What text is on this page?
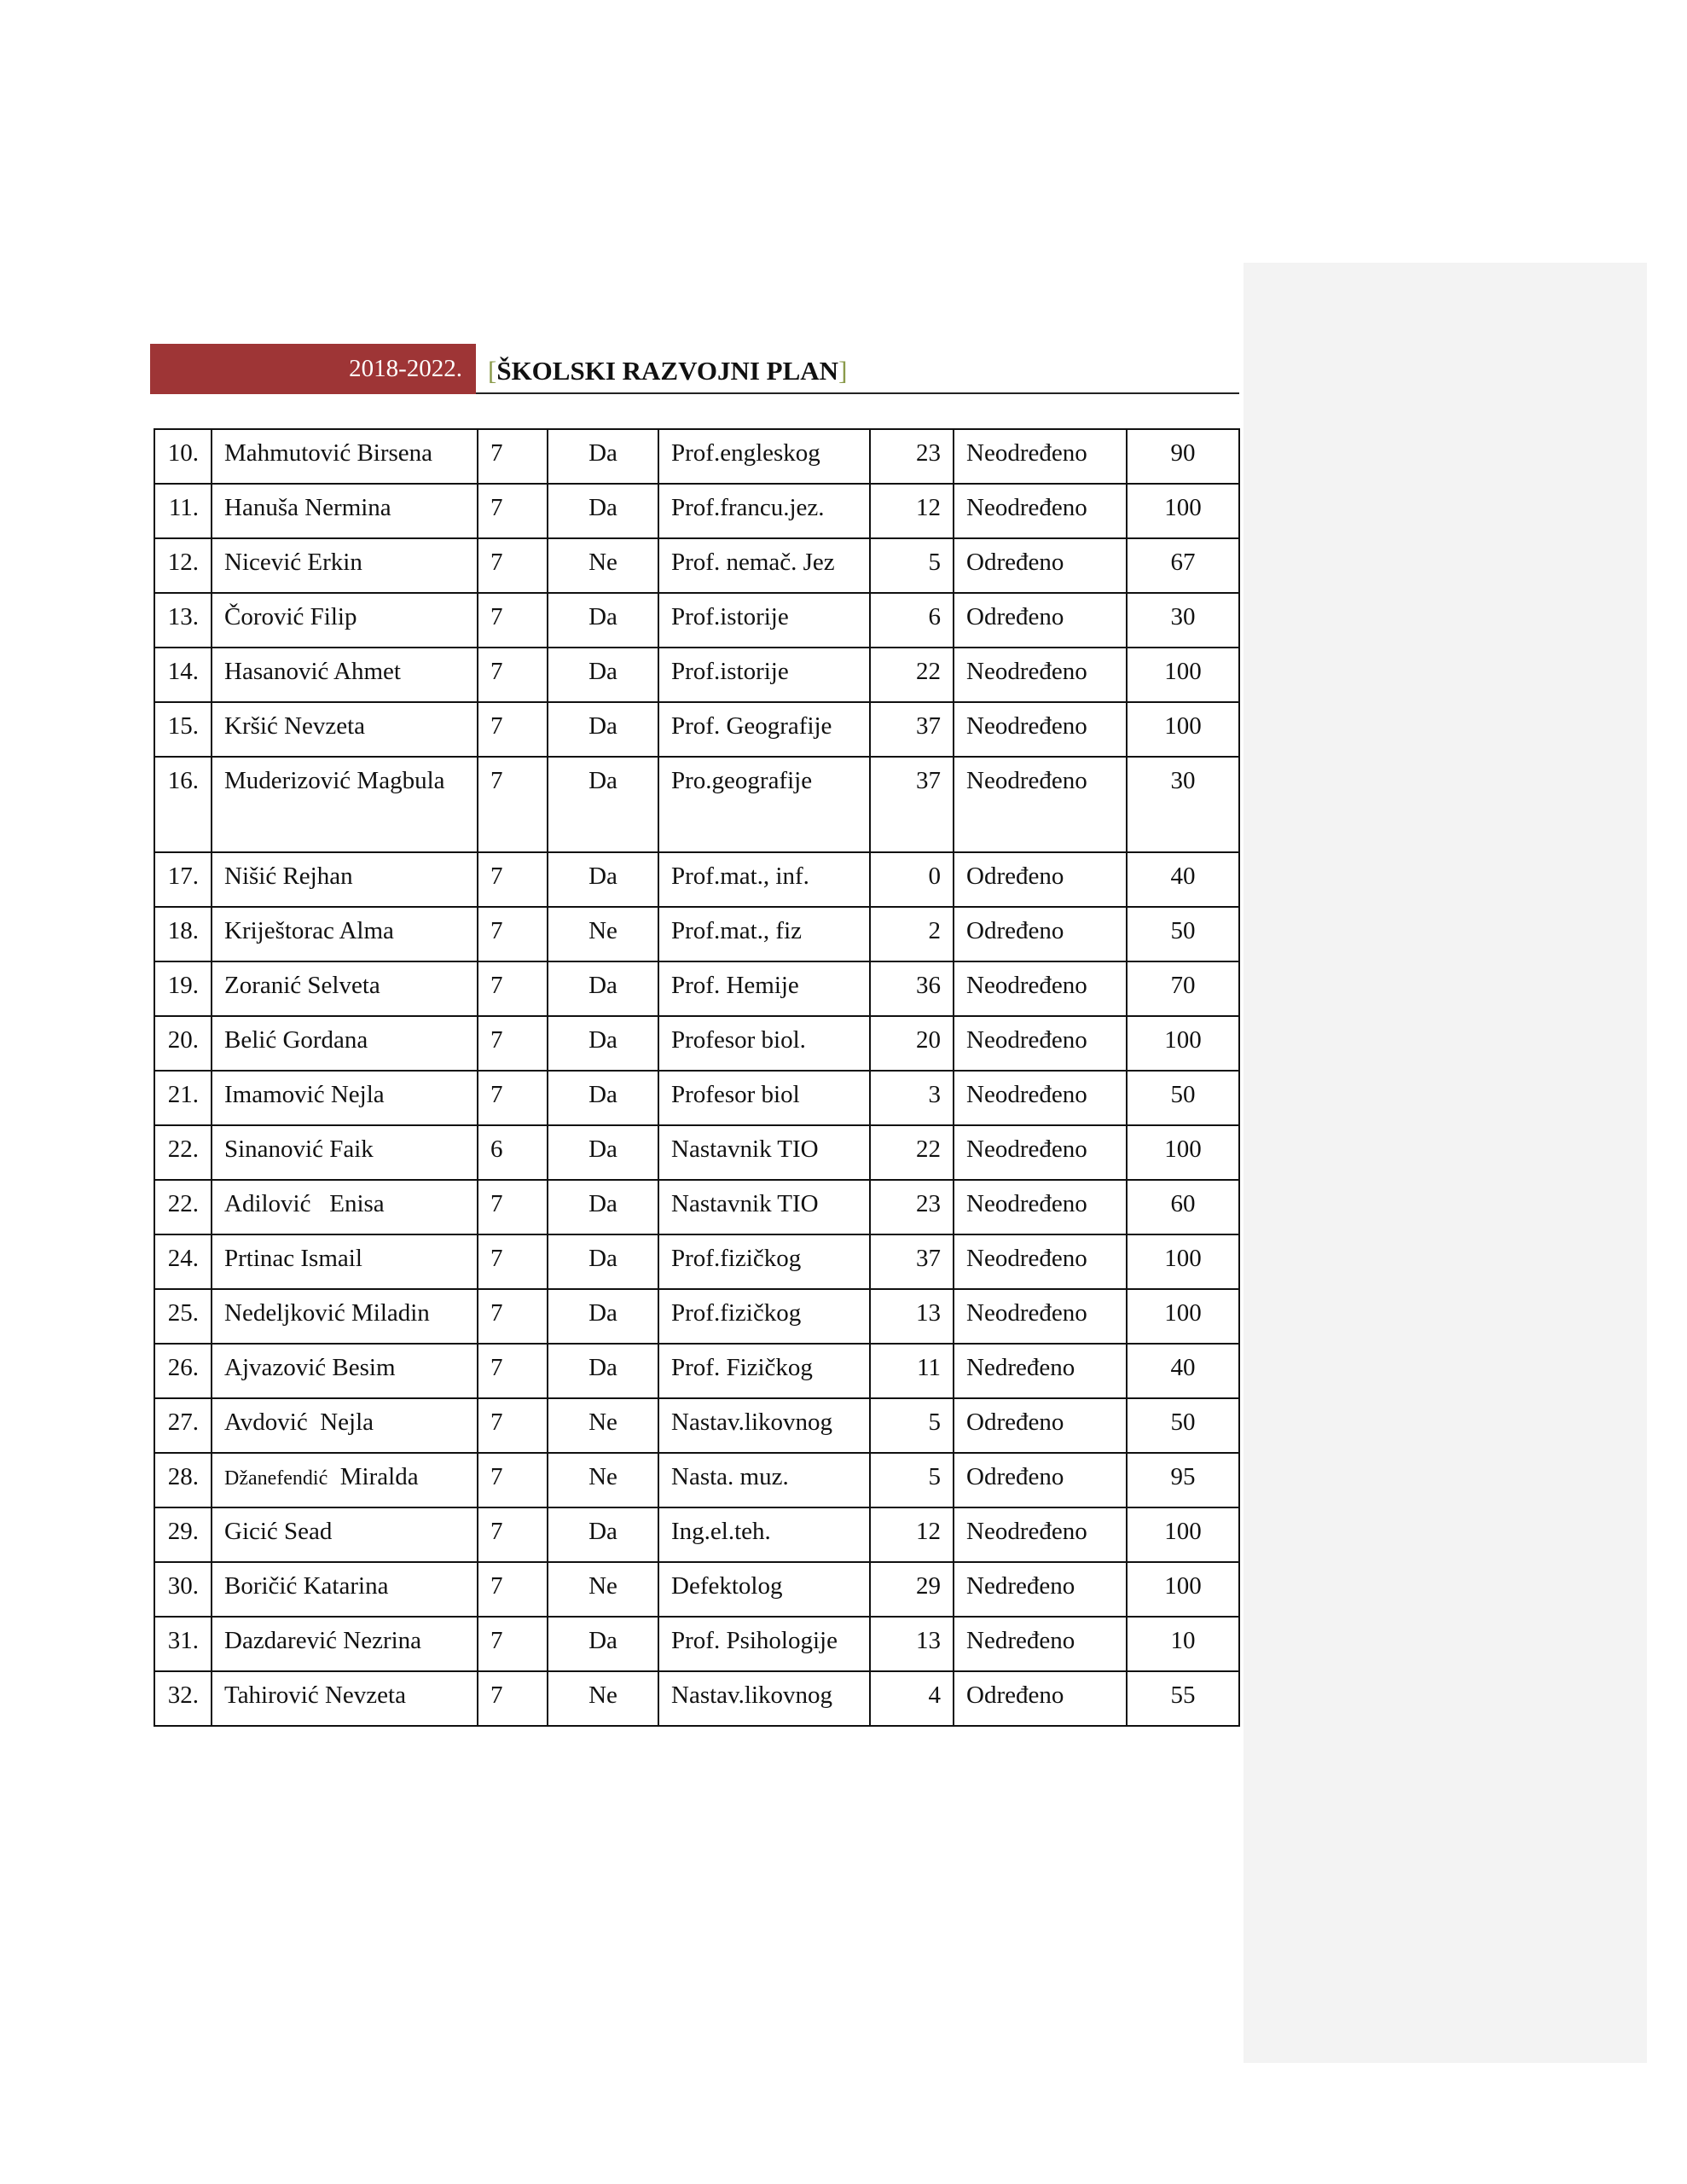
2018-2022. [ŠKOLSKI RAZVOJNI PLAN]
10.	Mahmutović Birsena	7	Da	Prof.engleskog	23	Neodređeno	90
11.	Hanuša Nermina	7	Da	Prof.francu.jez.	12	Neodređeno	100
12.	Nicević Erkin	7	Ne	Prof. nemač. Jez	5	Određeno	67
13.	Čorović Filip	7	Da	Prof.istorije	6	Određeno	30
14.	Hasanović Ahmet	7	Da	Prof.istorije	22	Neodređeno	100
15.	Kršić Nevzeta	7	Da	Prof. Geografije	37	Neodređeno	100
16.	Muderizović Magbula	7	Da	Pro.geografije	37	Neodređeno	30
17.	Nišić Rejhan	7	Da	Prof.mat., inf.	0	Određeno	40
18.	Kriještorac Alma	7	Ne	Prof.mat., fiz	2	Određeno	50
19.	Zoranić Selveta	7	Da	Prof. Hemije	36	Neodređeno	70
20.	Belić Gordana	7	Da	Profesor biol.	20	Neodređeno	100
21.	Imamović Nejla	7	Da	Profesor biol	3	Neodređeno	50
22.	Sinanović Faik	6	Da	Nastavnik TIO	22	Neodređeno	100
22.	Adilović   Enisa	7	Da	Nastavnik TIO	23	Neodređeno	60
24.	Prtinac Ismail	7	Da	Prof.fizičkog	37	Neodređeno	100
25.	Nedeljković Miladin	7	Da	Prof.fizičkog	13	Neodređeno	100
26.	Ajvazović Besim	7	Da	Prof. Fizičkog	11	Nedređeno	40
27.	Avdović  Nejla	7	Ne	Nastav.likovnog	5	Određeno	50
28.	Džanefendić Miralda	7	Ne	Nasta. muz.	5	Određeno	95
29.	Gicić Sead	7	Da	Ing.el.teh.	12	Neodređeno	100
30.	Boričić Katarina	7	Ne	Defektolog	29	Nedređeno	100
31.	Dazdarević Nezrina	7	Da	Prof. Psihologije	13	Nedređeno	10
32.	Tahirović Nevzeta	7	Ne	Nastav.likovnog	4	Određeno	55
